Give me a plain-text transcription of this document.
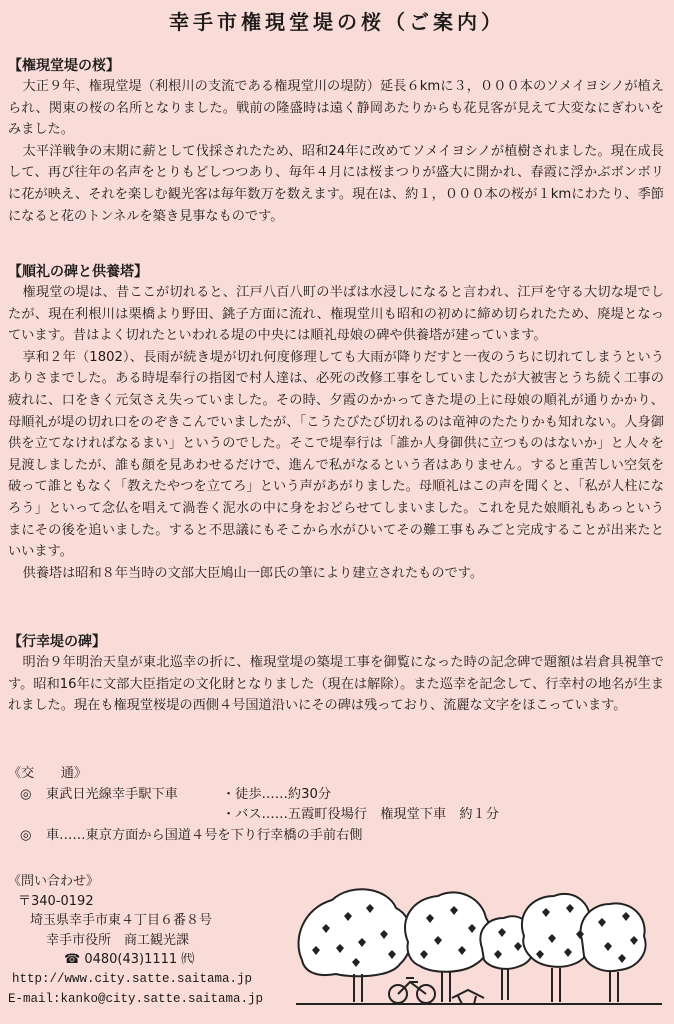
幸手市権現堂堤の桜（ご案内）
【権現堂堤の桜】

大正９年、権現堂堤（利根川の支流である権現堂川の堤防）延長６kmに３，０００本のソメイヨシノが植えられ、関東の桜の名所となりました。戦前の隆盛時は遠く静岡あたりからも花見客が見えて大変なにぎわいをみました。

太平洋戦争の末期に薪として伐採されたため、昭和24年に改めてソメイヨシノが植樹されました。現在成長して、再び往年の名声をとりもどしつつあり、毎年４月には桜まつりが盛大に開かれ、春霞に浮かぶボンボリに花が映え、それを楽しむ観光客は毎年数万を数えます。現在は、約１，０００本の桜が１kmにわたり、季節になると花のトンネルを築き見事なものです。

【順礼の碑と供養塔】

権現堂の堤は、昔ここが切れると、江戸八百八町の半ばは水浸しになると言われ、江戸を守る大切な堤でしたが、現在利根川は栗橋より野田、銚子方面に流れ、権現堂川も昭和の初めに締め切られたため、廃堤となっています。昔はよく切れたといわれる堤の中央には順礼母娘の碑や供養塔が建っています。

享和２年（1802）、長雨が続き堤が切れ何度修理しても大雨が降りだすと一夜のうちに切れてしまうというありさまでした。ある時堤奉行の指図で村人達は、必死の改修工事をしていましたが大被害とうち続く工事の疲れに、口をきく元気さえ失っていました。その時、夕霞のかかってきた堤の上に母娘の順礼が通りかかり、母順礼が堤の切れ口をのぞきこんでいましたが、「こうたびたび切れるのは竜神のたたりかも知れない。人身御供を立てなければなるまい」というのでした。そこで堤奉行は「誰か人身御供に立つものはないか」と人々を見渡しましたが、誰も顔を見あわせるだけで、進んで私がなるという者はありません。すると重苦しい空気を破って誰ともなく「教えたやつを立てろ」という声があがりました。母順礼はこの声を聞くと、「私が人柱になろう」といって念仏を唱えて渦巻く泥水の中に身をおどらせてしまいました。これを見た娘順礼もあっというまにその後を追いました。すると不思議にもそこから水がひいてその難工事もみごと完成することが出来たといいます。

供養塔は昭和８年当時の文部大臣鳩山一郎氏の筆により建立されたものです。

【行幸堤の碑】

明治９年明治天皇が東北巡幸の折に、権現堂堤の築堤工事を御覧になった時の記念碑で題額は岩倉具視筆です。昭和16年に文部大臣指定の文化財となりました（現在は解除）。また巡幸を記念して、行幸村の地名が生まれました。現在も権現堂桜堤の西側４号国道沿いにその碑は残っており、流麗な文字をほこっています。

《交　　通》
◎ 東武日光線幸手駅下車	・徒歩……約30分
・バス……五霞町役場行　権現堂下車　約１分
◎ 車……東京方面から国道４号を下り行幸橋の手前右側
《問い合わせ》
〒340-0192
埼玉県幸手市東４丁目６番８号
幸手市役所　商工観光課
☎ 0480(43)1111 ㈹
http://www.city.satte.saitama.jp
E-mail:kanko@city.satte.saitama.jp
